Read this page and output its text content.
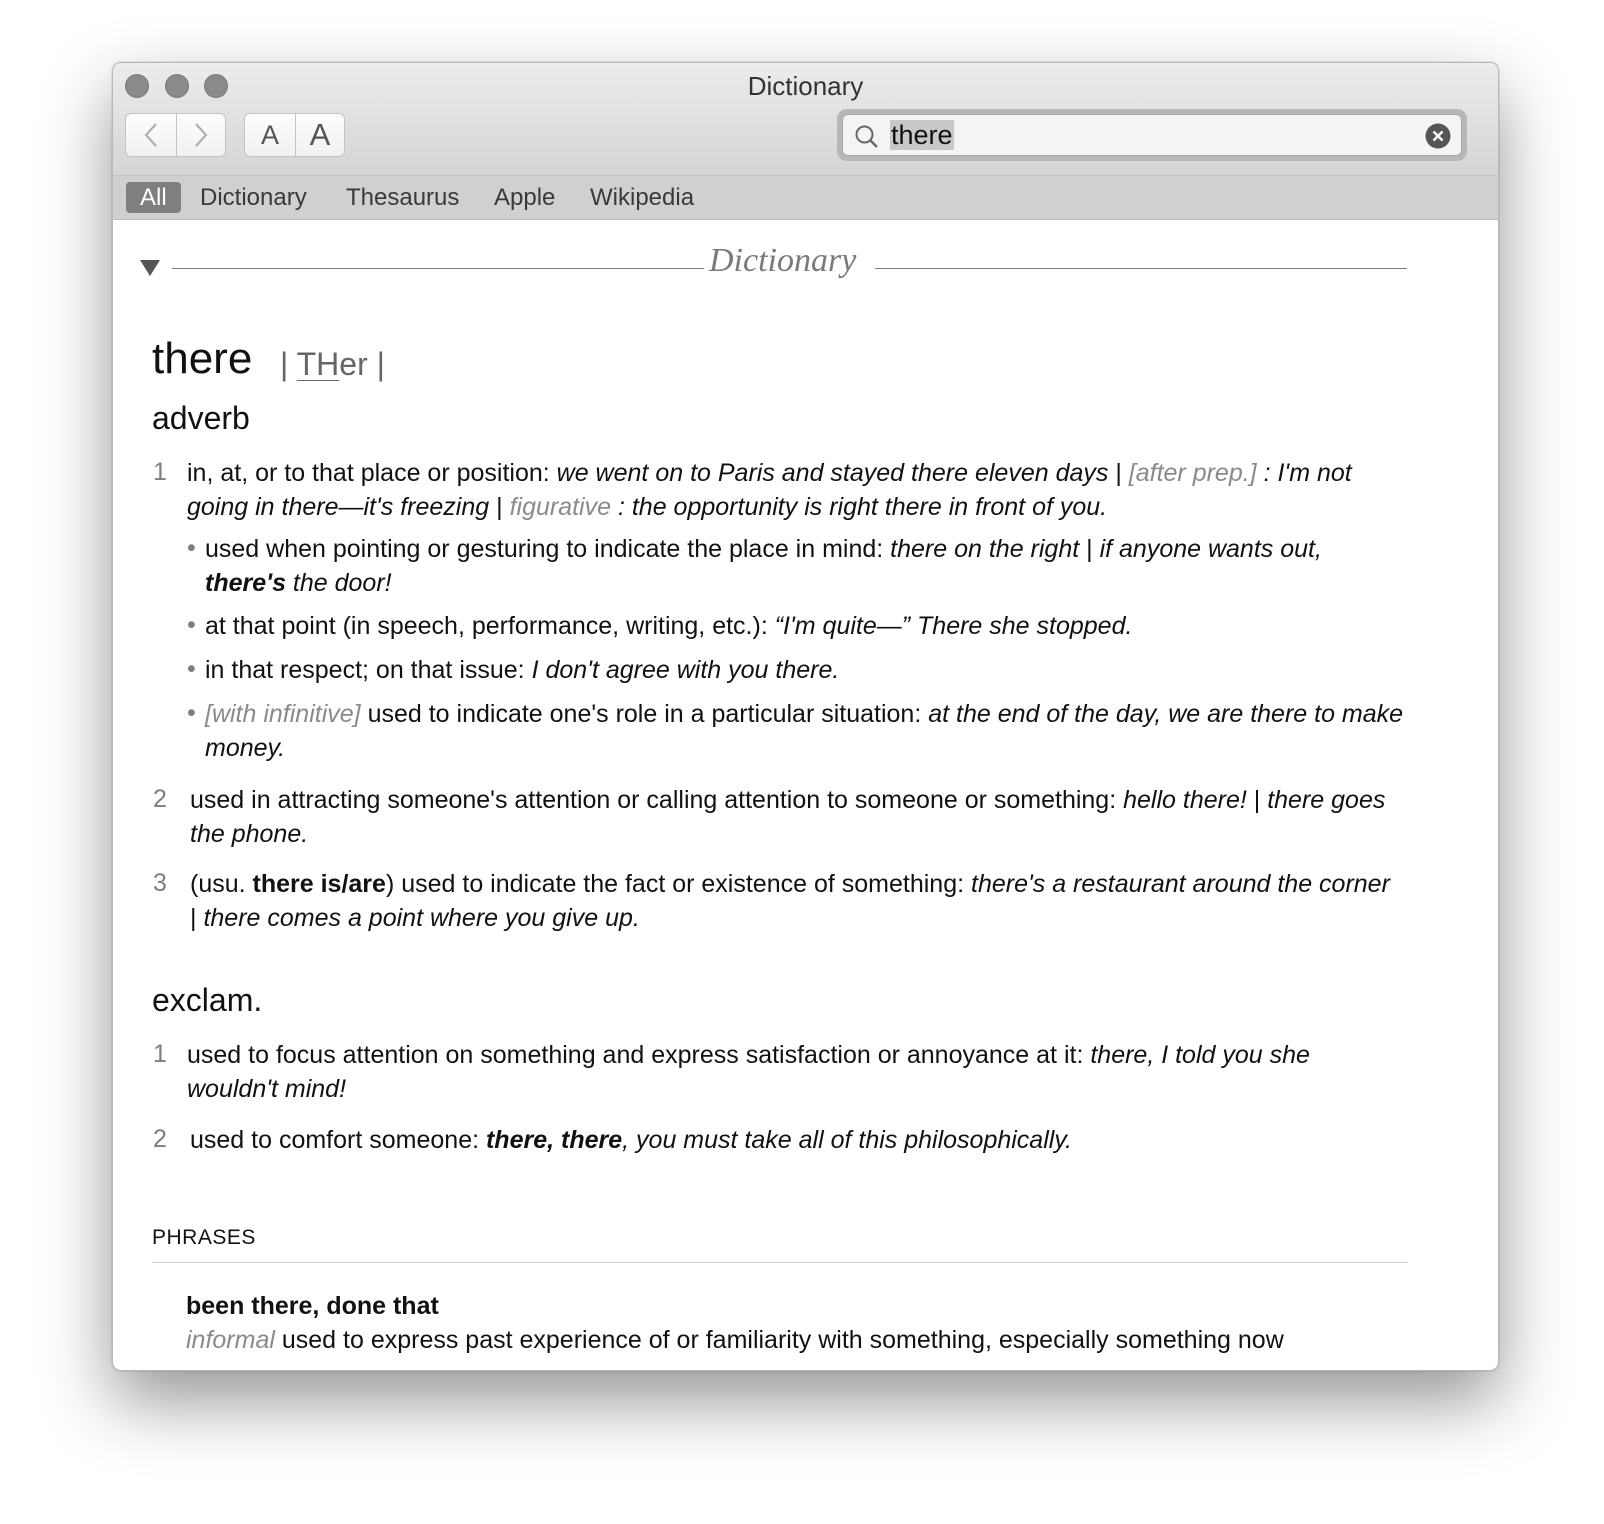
Dictionary
A A	there
All	Dictionary Thesaurus Apple Wikipedia
Dictionary
there | THer |
adverb
1 in, at, or to that place or position: we went on to Paris and stayed there eleven days | [after prep.] : I'm not going in there—it's freezing | figurative : the opportunity is right there in front of you.
• used when pointing or gesturing to indicate the place in mind: there on the right | if anyone wants out, there's the door!
• at that point (in speech, performance, writing, etc.): “I'm quite—” There she stopped.
• in that respect; on that issue: I don't agree with you there.
• [with infinitive] used to indicate one's role in a particular situation: at the end of the day, we are there to make money.
2 used in attracting someone's attention or calling attention to someone or something: hello there! | there goes the phone.
3 (usu. there is/are) used to indicate the fact or existence of something: there's a restaurant around the corner | there comes a point where you give up.
exclam.
1 used to focus attention on something and express satisfaction or annoyance at it: there, I told you she wouldn't mind!
2 used to comfort someone: there, there, you must take all of this philosophically.
PHRASES
been there, done that
informal used to express past experience of or familiarity with something, especially something now
